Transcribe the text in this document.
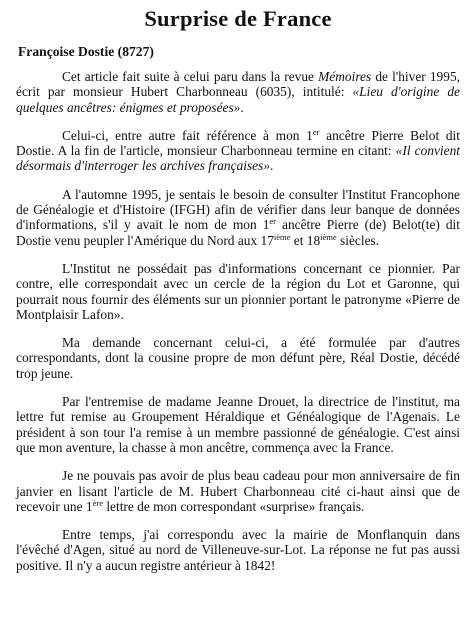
Surprise de France
Françoise Dostie (8727)

Cet article fait suite à celui paru dans la revue Mémoires de l'hiver 1995, écrit par monsieur Hubert Charbonneau (6035), intitulé: «Lieu d'origine de quelques ancêtres: énigmes et proposées».

Celui-ci, entre autre fait référence à mon 1er ancêtre Pierre Belot dit Dostie. A la fin de l'article, monsieur Charbonneau termine en citant: «Il convient désormais d'interroger les archives françaises».

A l'automne 1995, je sentais le besoin de consulter l'Institut Francophone de Généalogie et d'Histoire (IFGH) afin de vérifier dans leur banque de données d'informations, s'il y avait le nom de mon 1er ancêtre Pierre (de) Belot(te) dit Dostie venu peupler l'Amérique du Nord aux 17ième et 18ième siècles.

L'Institut ne possédait pas d'informations concernant ce pionnier. Par contre, elle correspondait avec un cercle de la région du Lot et Garonne, qui pourrait nous fournir des éléments sur un pionnier portant le patronyme «Pierre de Montplaisir Lafon».

Ma demande concernant celui-ci, a été formulée par d'autres correspondants, dont la cousine propre de mon défunt père, Réal Dostie, décédé trop jeune.

Par l'entremise de madame Jeanne Drouet, la directrice de l'institut, ma lettre fut remise au Groupement Héraldique et Généalogique de l'Agenais. Le président à son tour l'a remise à un membre passionné de généalogie. C'est ainsi que mon aventure, la chasse à mon ancêtre, commença avec la France.

Je ne pouvais pas avoir de plus beau cadeau pour mon anniversaire de fin janvier en lisant l'article de M. Hubert Charbonneau cité ci-haut ainsi que de recevoir une 1ère lettre de mon correspondant «surprise» français.

Entre temps, j'ai correspondu avec la mairie de Monflanquin dans l'évêché d'Agen, situé au nord de Villeneuve-sur-Lot. La réponse ne fut pas aussi positive. Il n'y a aucun registre antérieur à 1842!
